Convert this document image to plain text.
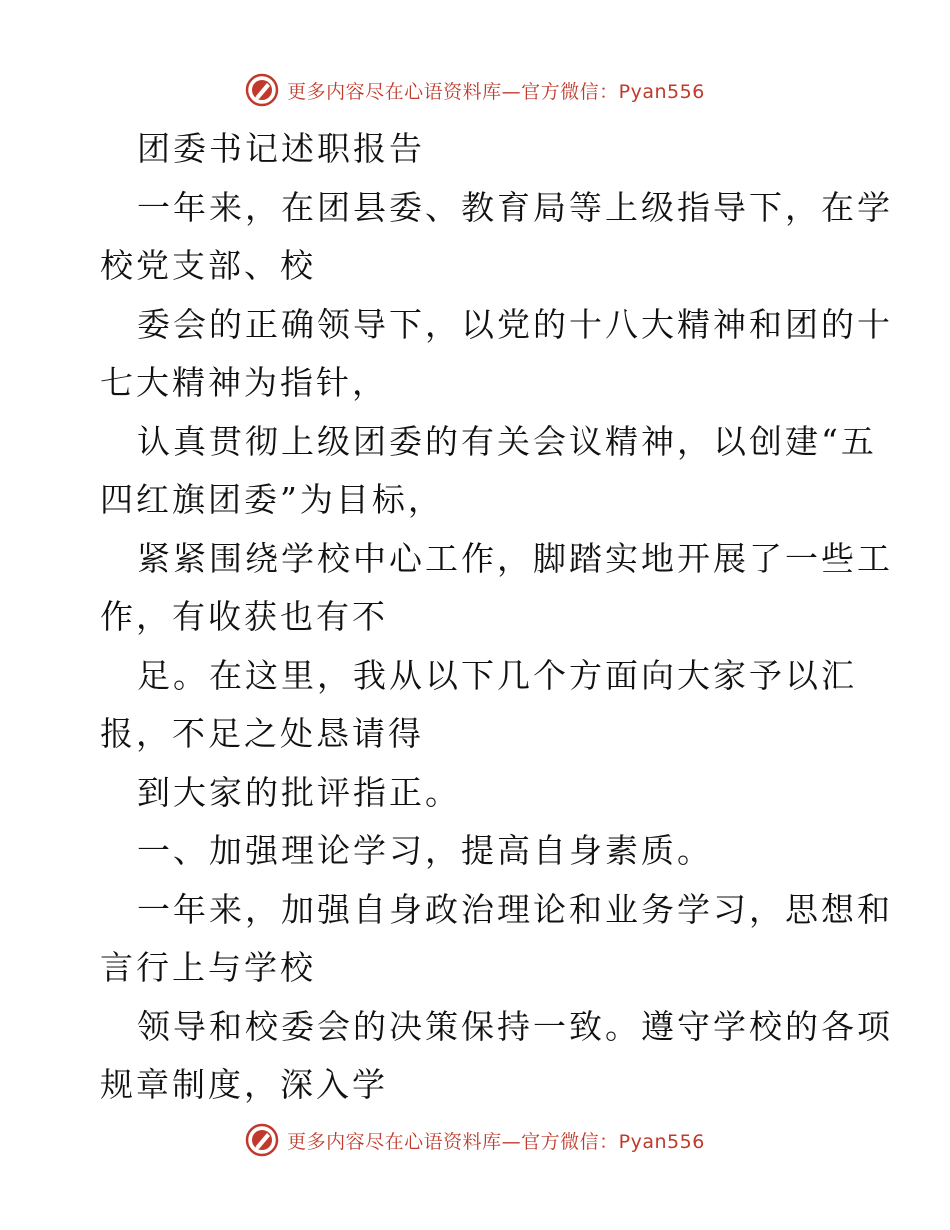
更多内容尽在心语资料库—官方微信：Pyan556

团委书记述职报告

一年来，在团县委、教育局等上级指导下，在学

校党支部、校

委会的正确领导下，以党的十八大精神和团的十

七大精神为指针，

认真贯彻上级团委的有关会议精神，以创建“五

四红旗团委”为目标，

紧紧围绕学校中心工作，脚踏实地开展了一些工

作，有收获也有不

足。在这里，我从以下几个方面向大家予以汇

报，不足之处恳请得

到大家的批评指正。

一、加强理论学习，提高自身素质。

一年来，加强自身政治理论和业务学习，思想和

言行上与学校

领导和校委会的决策保持一致。遵守学校的各项

规章制度，深入学

更多内容尽在心语资料库—官方微信：Pyan556
